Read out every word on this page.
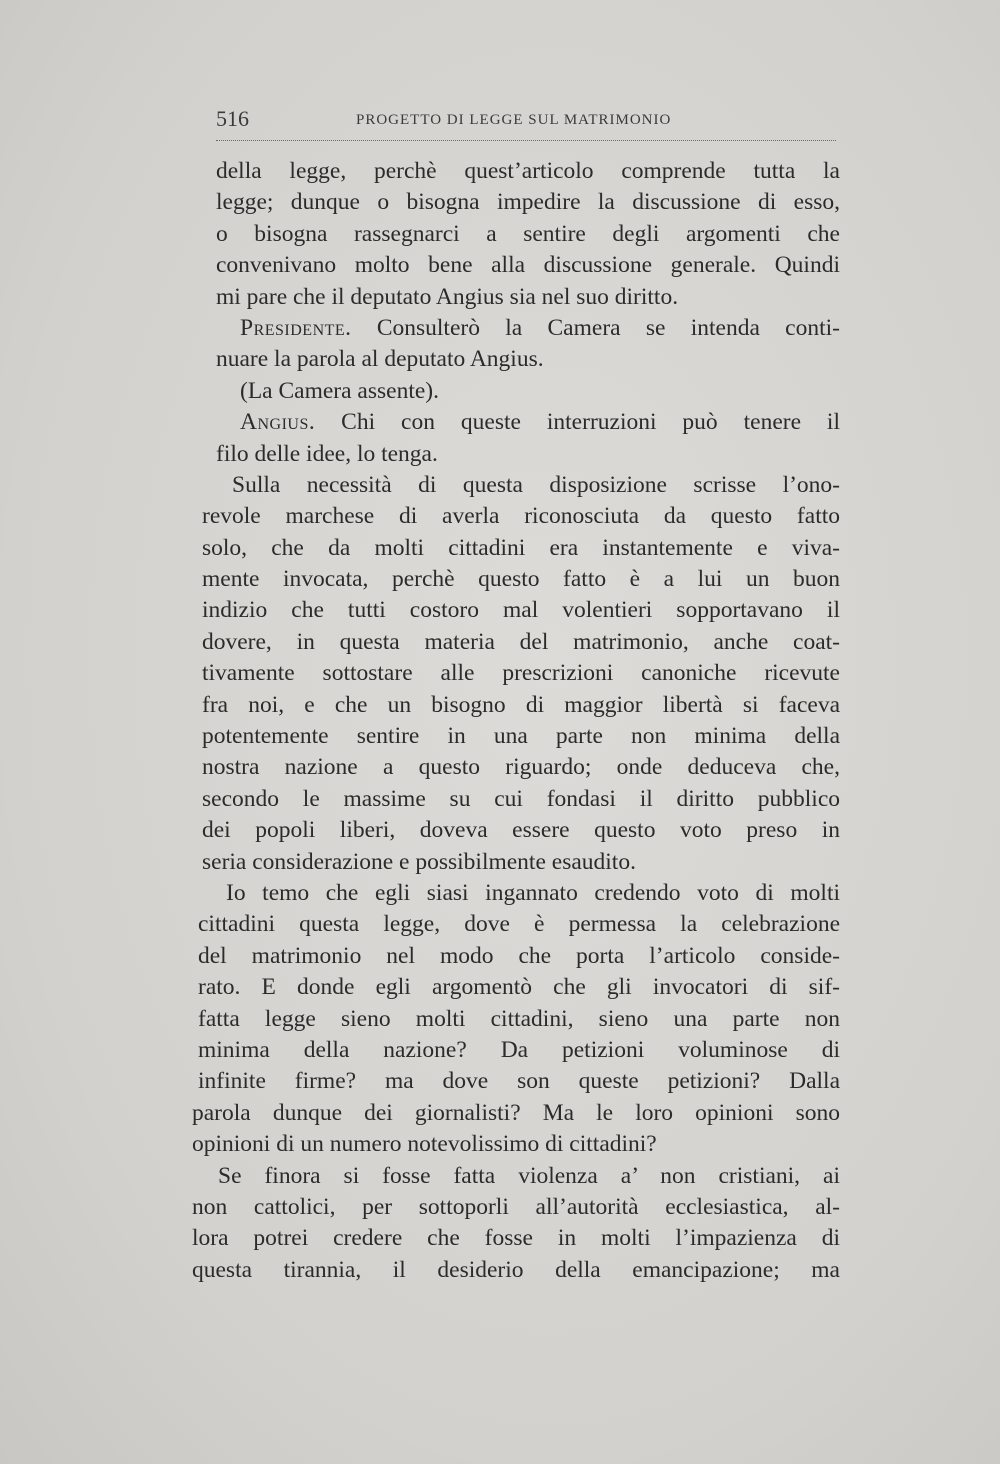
516	PROGETTO DI LEGGE SUL MATRIMONIO
della legge, perchè quest’articolo comprende tutta la
legge; dunque o bisogna impedire la discussione di esso,
o bisogna rassegnarci a sentire degli argomenti che
convenivano molto bene alla discussione generale. Quindi
mi pare che il deputato Angius sia nel suo diritto.
Presidente. Consulterò la Camera se intenda conti-
nuare la parola al deputato Angius.
(La Camera assente).
Angius. Chi con queste interruzioni può tenere il
filo delle idee, lo tenga.
Sulla necessità di questa disposizione scrisse l’ono-
revole marchese di averla riconosciuta da questo fatto
solo, che da molti cittadini era instantemente e viva-
mente invocata, perchè questo fatto è a lui un buon
indizio che tutti costoro mal volentieri sopportavano il
dovere, in questa materia del matrimonio, anche coat-
tivamente sottostare alle prescrizioni canoniche ricevute
fra noi, e che un bisogno di maggior libertà si faceva
potentemente sentire in una parte non minima della
nostra nazione a questo riguardo; onde deduceva che,
secondo le massime su cui fondasi il diritto pubblico
dei popoli liberi, doveva essere questo voto preso in
seria considerazione e possibilmente esaudito.
Io temo che egli siasi ingannato credendo voto di molti
cittadini questa legge, dove è permessa la celebrazione
del matrimonio nel modo che porta l’articolo conside-
rato. E donde egli argomentò che gli invocatori di sif-
fatta legge sieno molti cittadini, sieno una parte non
minima della nazione? Da petizioni voluminose di
infinite firme? ma dove son queste petizioni? Dalla
parola dunque dei giornalisti? Ma le loro opinioni sono
opinioni di un numero notevolissimo di cittadini?
Se finora si fosse fatta violenza a’ non cristiani, ai
non cattolici, per sottoporli all’autorità ecclesiastica, al-
lora potrei credere che fosse in molti l’impazienza di
questa tirannia, il desiderio della emancipazione; ma
